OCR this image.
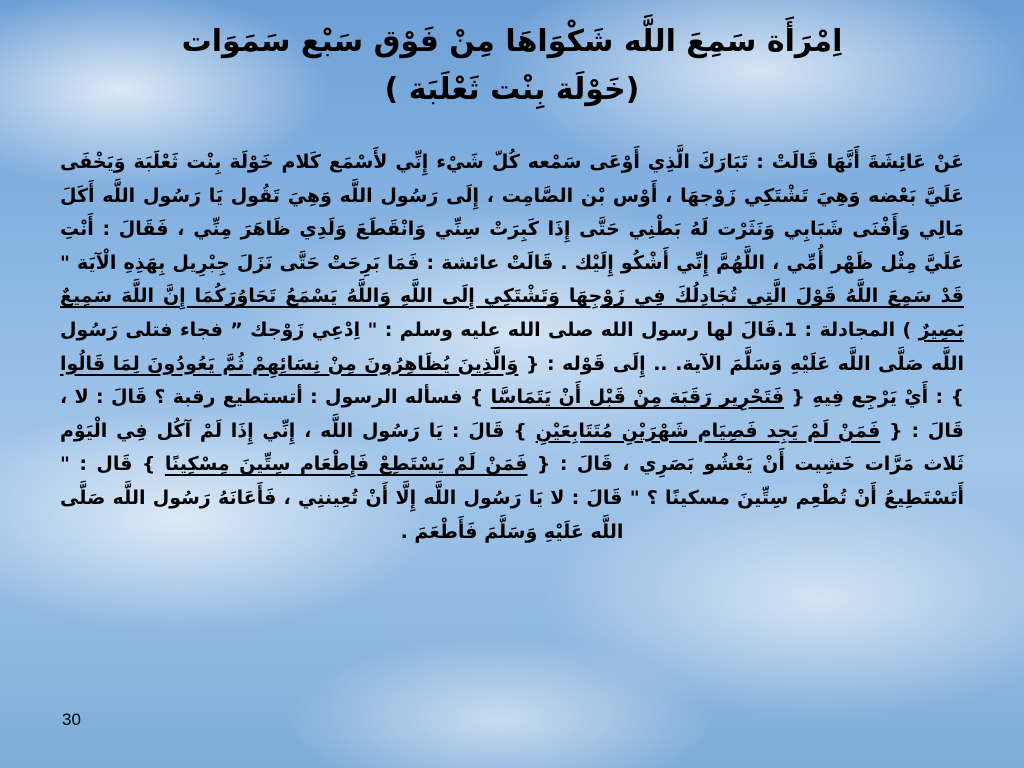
اِمْرَأَة سَمِعَ اللَّه شَكْوَاهَا مِنْ فَوْق سَبْع سَمَوَات
(خَوْلَة بِنْت ثَعْلَبَة )

عَنْ عَائِشَةَ أَنَّهَا قَالَتْ : تَبَارَكَ الَّذِي أَوْعَى سَمْعه كُلّ شَيْء إِنِّي لأَسْمَع كَلام خَوْلَة بِنْت ثَعْلَبَة وَيَخْفَى عَلَيَّ بَعْضه وَهِيَ تَشْتَكِي زَوْجهَا ، أَوْس بْن الصَّامِت ، إِلَى رَسُول اللَّه وَهِيَ تَقُول يَا رَسُول اللَّه أَكَلَ مَالِي وَأَفْنَى شَبَابِي وَنَثَرْت لَهُ بَطْنِي حَتَّى إِذَا كَبِرَتْ سِنِّي وَانْقَطَعَ وَلَدِي ظَاهَرَ مِنِّي ، فَقَالَ : أَنْتِ عَلَيَّ مِثْل ظَهْر أُمِّي ، اللَّهُمَّ إِنِّي أَشْكُو إِلَيْك . قَالَتْ عائشة : فَمَا بَرِحَتْ حَتَّى نَزَلَ جِبْرِيل بِهَذِهِ الْآيَة " قَدْ سَمِعَ اللَّهُ قَوْلَ الَّتِي تُجَادِلُكَ فِي زَوْجِهَا وَتَشْتَكِي إِلَى اللَّهِ وَاللَّهُ يَسْمَعُ تَحَاوُرَكُمَا إِنَّ اللَّهَ سَمِيعٌ بَصِيرٌ ) المجادلة : 1.قَالَ لها رسول الله صلى الله عليه وسلم : " اِدْعِي زَوْجك ” فجاء فتلى رَسُول اللَّه صَلَّى اللَّه عَلَيْهِ وَسَلَّمَ الآية. .. إِلَى قَوْله : { وَالَّذِينَ يُظَاهِرُونَ مِنْ نِسَائِهِمْ ثُمَّ يَعُودُونَ لِمَا قَالُوا } : أَيْ يَرْجِع فِيهِ { فَتَحْرِير رَقَبَة مِنْ قَبْل أَنْ يَتَمَاسَّا } فسأله الرسول : أتستطيع رقبة ؟ قَالَ : لا ، قَالَ : { فَمَنْ لَمْ يَجِد فَصِيَام شَهْرَيْنِ مُتَتَابِعَيْنِ } قَالَ : يَا رَسُول اللَّه ، إِنِّي إِذَا لَمْ آكُل فِي الْيَوْم ثَلاث مَرَّات خَشِيت أَنْ يَعْشُو بَصَرِي ، قَالَ : { فَمَنْ لَمْ يَسْتَطِعْ فَإِطْعَام سِتِّينَ مِسْكِينًا } قَال : " أَتَسْتَطِيعُ أَنْ تُطْعِم سِتِّينَ مسكينًا ؟ " قَالَ : لا يَا رَسُول اللَّه إِلَّا أَنْ تُعِيننِي ، فَأَعَانَهُ رَسُول اللَّه صَلَّى اللَّه عَلَيْهِ وَسَلَّمَ فَأَطْعَمَ .

30
